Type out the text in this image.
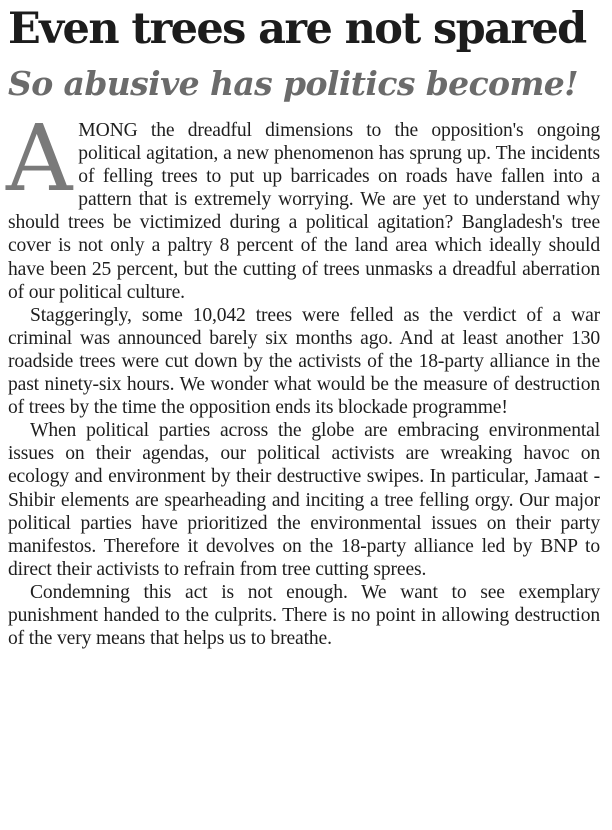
Even trees are not spared
So abusive has politics become!

AMONG the dreadful dimensions to the opposition's ongoing political agitation, a new phenomenon has sprung up. The incidents of felling trees to put up barricades on roads have fallen into a pattern that is extremely worrying. We are yet to understand why should trees be victimized during a political agitation? Bangladesh's tree cover is not only a paltry 8 percent of the land area which ideally should have been 25 percent, but the cutting of trees unmasks a dreadful aberration of our political culture.

Staggeringly, some 10,042 trees were felled as the verdict of a war criminal was announced barely six months ago. And at least another 130 roadside trees were cut down by the activists of the 18-party alliance in the past ninety-six hours. We wonder what would be the measure of destruction of trees by the time the opposition ends its blockade programme!

When political parties across the globe are embracing environmental issues on their agendas, our political activists are wreaking havoc on ecology and environment by their destructive swipes. In particular, Jamaat -Shibir elements are spearheading and inciting a tree felling orgy. Our major political parties have prioritized the environmental issues on their party manifestos. Therefore it devolves on the 18-party alliance led by BNP to direct their activists to refrain from tree cutting sprees.

Condemning this act is not enough. We want to see exemplary punishment handed to the culprits. There is no point in allowing destruction of the very means that helps us to breathe.
